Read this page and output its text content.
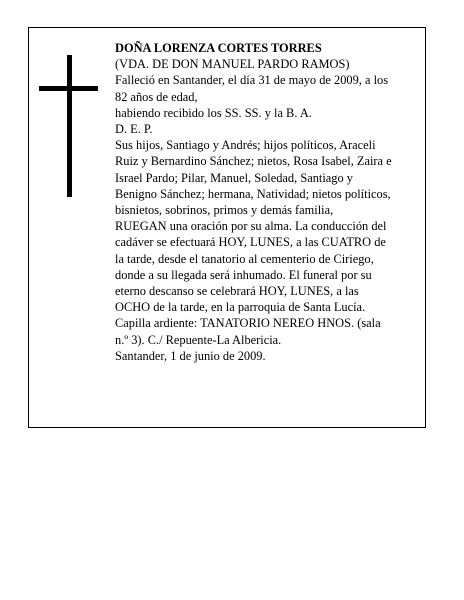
DOÑA LORENZA CORTES TORRES
(VDA. DE DON MANUEL PARDO RAMOS)
Falleció en Santander, el día 31 de mayo de 2009, a los
82 años de edad,
habiendo recibido los SS. SS. y la B. A.
D. E. P.
Sus hijos, Santiago y Andrés; hijos políticos, Araceli
Ruiz y Bernardino Sánchez; nietos, Rosa Isabel, Zaira e
Israel Pardo; Pilar, Manuel, Soledad, Santiago y
Benigno Sánchez; hermana, Natividad; nietos políticos,
bisnietos, sobrinos, primos y demás familia,
RUEGAN una oración por su alma. La conducción del
cadáver se efectuará HOY, LUNES, a las CUATRO de
la tarde, desde el tanatorio al cementerio de Ciriego,
donde a su llegada será inhumado. El funeral por su
eterno descanso se celebrará HOY, LUNES, a las
OCHO de la tarde, en la parroquia de Santa Lucía.
Capilla ardiente: TANATORIO NEREO HNOS. (sala
n.º 3). C./ Repuente-La Albericia.
Santander, 1 de junio de 2009.
